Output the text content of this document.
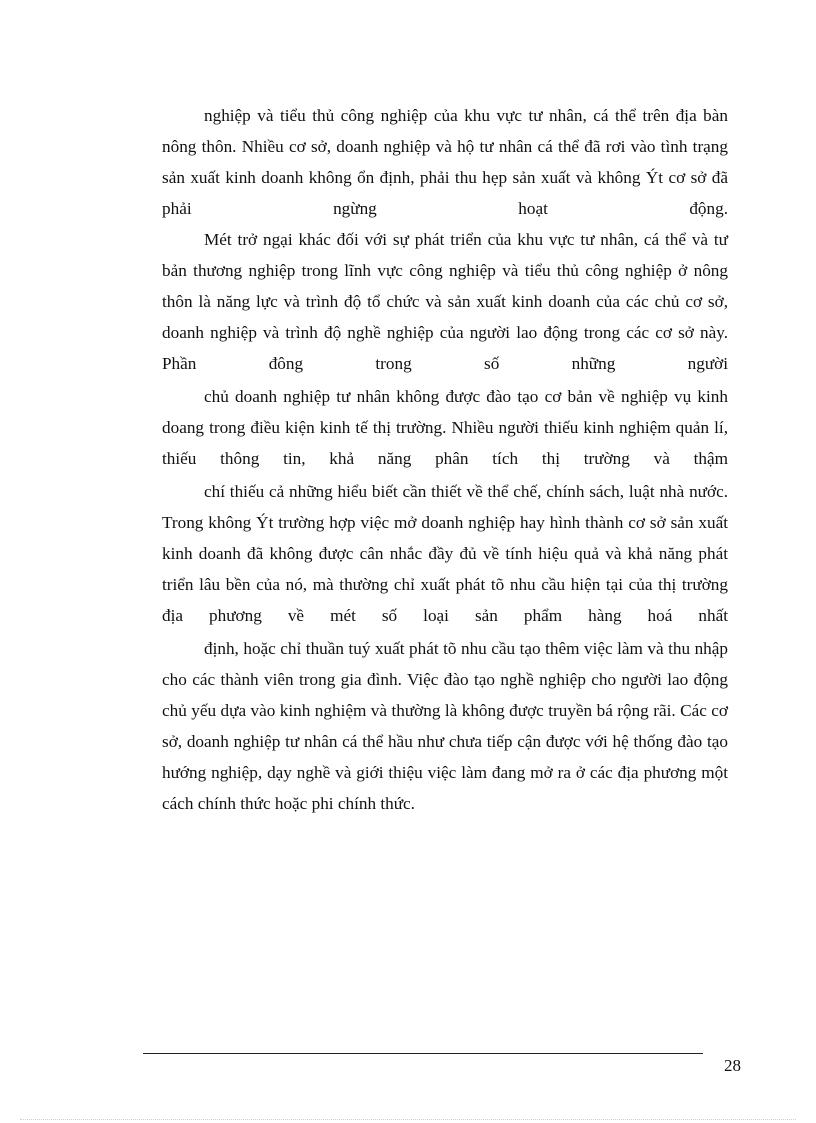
nghiệp và tiểu thủ công nghiệp của khu vực tư nhân, cá thể trên địa bàn nông thôn. Nhiều cơ sở, doanh nghiệp và hộ tư nhân cá thể đã rơi vào tình trạng sản xuất kinh doanh không ổn định, phải thu hẹp sản xuất và không Ýt cơ sở đã phải ngừng hoạt động.

Mét trở ngại khác đối với sự phát triển của khu vực tư nhân, cá thể và tư bản thương nghiệp trong lĩnh vực công nghiệp và tiểu thủ công nghiệp ở nông thôn là năng lực và trình độ tổ chức và sản xuất kinh doanh của các chủ cơ sở, doanh nghiệp và trình độ nghề nghiệp của người lao động trong các cơ sở này. Phần đông trong số những người

chủ doanh nghiệp tư nhân không được đào tạo cơ bản về nghiệp vụ kinh doang trong điều kiện kinh tế thị trường. Nhiều người thiếu kinh nghiệm quản lí, thiếu thông tin, khả năng phân tích thị trường và thậm

chí thiếu cả những hiểu biết cần thiết về thể chế, chính sách, luật nhà nước. Trong không Ýt trường hợp việc mở doanh nghiệp hay hình thành cơ sở sản xuất kinh doanh đã không được cân nhắc đầy đủ về tính hiệu quả và khả năng phát triển lâu bền của nó, mà thường chỉ xuất phát tõ nhu cầu hiện tại của thị trường địa phương về mét số loại sản phẩm hàng hoá nhất

định, hoặc chỉ thuần tuý xuất phát tõ nhu cầu tạo thêm việc làm và thu nhập cho các thành viên trong gia đình. Việc đào tạo nghề nghiệp cho người lao động chủ yếu dựa vào kinh nghiệm và thường là không được truyền bá rộng rãi. Các cơ sở, doanh nghiệp tư nhân cá thể hầu như chưa tiếp cận được với hệ thống đào tạo hướng nghiệp, dạy nghề và giới thiệu việc làm đang mở ra ở các địa phương một cách chính thức hoặc phi chính thức.

28
